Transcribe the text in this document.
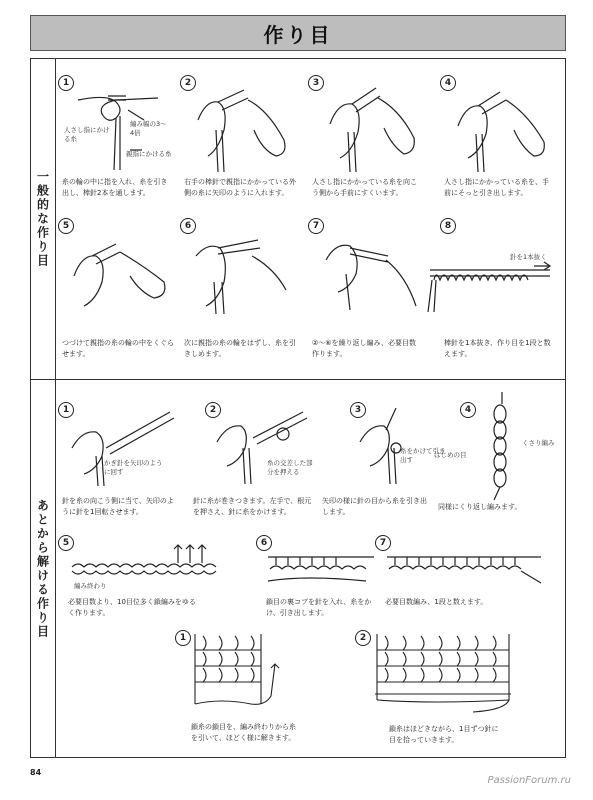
作り目
一般的な作り目
1
人さし指にかける糸
編み幅の3〜4倍
親指にかける糸
糸の輪の中に指を入れ、糸を引き出し、棒針2本を通します。
2
右手の棒針で親指にかかっている外側の糸に矢印のように入れます。
3
人さし指にかかっている糸を向こう側から手前にすくいます。
4
人さし指にかかっている糸を、手前にそっと引き出します。
5
つづけて親指の糸の輪の中をくぐらせます。
6
次に親指の糸の輪をはずし、糸を引きしめます。
7
②〜⑥を繰り返し編み、必要目数作ります。
8
針を1本抜く
棒針を1本抜き、作り目を1段と数えます。
あとから解ける作り目
1
かぎ針を矢印のように回す
針を糸の向こう側に当て、矢印のように針を1回転させます。
2
糸の交差した部分を押える
針に糸が巻きつきます。左手で、根元を押さえ、針に糸をかけます。
3
糸をかけて引き出す
はじめの目
矢印の様に針の目から糸を引き出します。
4
くさり編み
同様にくり返し編みます。
5
編み終わり
必要目数より、10目位多く鎖編みをゆるく作ります。
6
鎖目の裏コブを針を入れ、糸をかけ、引き出します。
7
必要目数編み、1段と数えます。
1
鎖糸の鎖目を、編み終わりから糸を引いて、ほどく様に解きます。
2
鎖糸はほどきながら、1目ずつ針に目を拾っていきます。
84
PassionForum.ru
